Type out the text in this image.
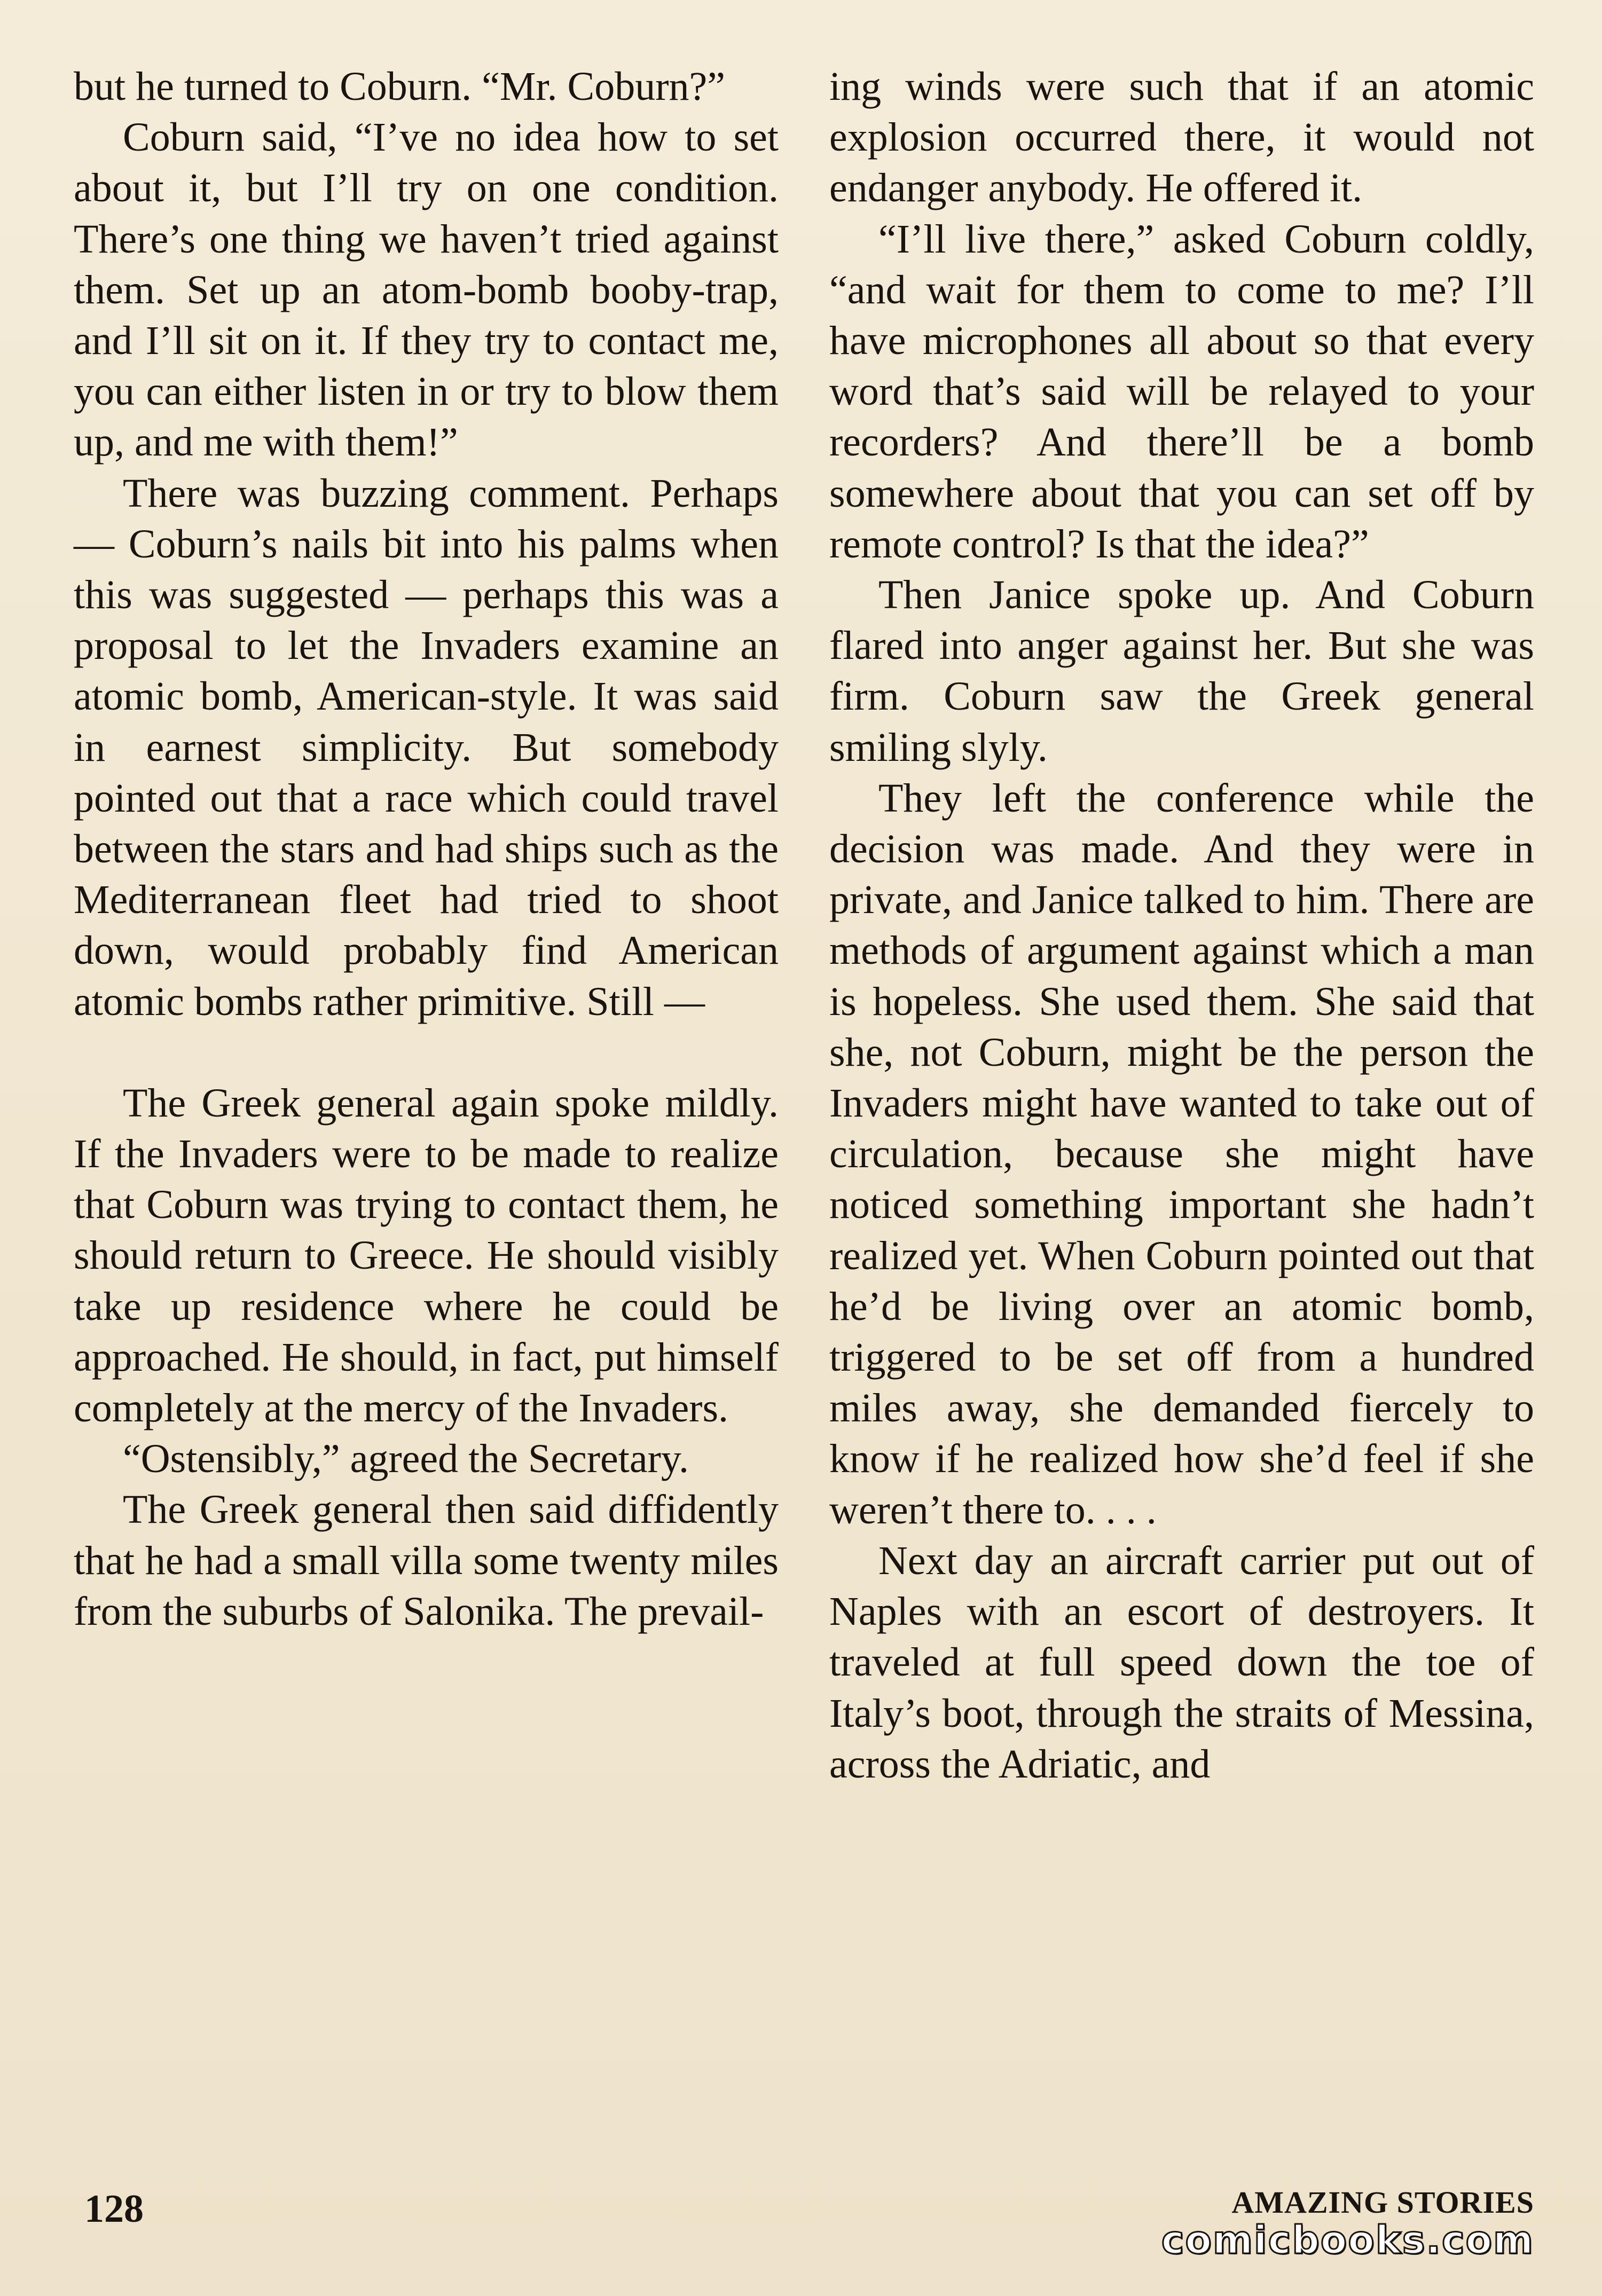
but he turned to Coburn. “Mr. Coburn?”

Coburn said, “I’ve no idea how to set about it, but I’ll try on one condition. There’s one thing we haven’t tried against them. Set up an atom-bomb booby-trap, and I’ll sit on it. If they try to contact me, you can either listen in or try to blow them up, and me with them!”

There was buzzing comment. Perhaps — Coburn’s nails bit into his palms when this was suggested — perhaps this was a proposal to let the Invaders examine an atomic bomb, American-style. It was said in earnest simplicity. But somebody pointed out that a race which could travel between the stars and had ships such as the Mediterranean fleet had tried to shoot down, would probably find American atomic bombs rather primitive. Still —

The Greek general again spoke mildly. If the Invaders were to be made to realize that Coburn was trying to contact them, he should return to Greece. He should visibly take up residence where he could be approached. He should, in fact, put himself completely at the mercy of the Invaders.

“Ostensibly,” agreed the Secretary.

The Greek general then said diffidently that he had a small villa some twenty miles from the suburbs of Salonika. The prevail-

ing winds were such that if an atomic explosion occurred there, it would not endanger anybody. He offered it.

“I’ll live there,” asked Coburn coldly, “and wait for them to come to me? I’ll have microphones all about so that every word that’s said will be relayed to your recorders? And there’ll be a bomb somewhere about that you can set off by remote control? Is that the idea?”

Then Janice spoke up. And Coburn flared into anger against her. But she was firm. Coburn saw the Greek general smiling slyly.

They left the conference while the decision was made. And they were in private, and Janice talked to him. There are methods of argument against which a man is hopeless. She used them. She said that she, not Coburn, might be the person the Invaders might have wanted to take out of circulation, because she might have noticed something important she hadn’t realized yet. When Coburn pointed out that he’d be living over an atomic bomb, triggered to be set off from a hundred miles away, she demanded fiercely to know if he realized how she’d feel if she weren’t there to. . . .

Next day an aircraft carrier put out of Naples with an escort of destroyers. It traveled at full speed down the toe of Italy’s boot, through the straits of Messina, across the Adriatic, and

128	AMAZING STORIES
comicbooks.com
